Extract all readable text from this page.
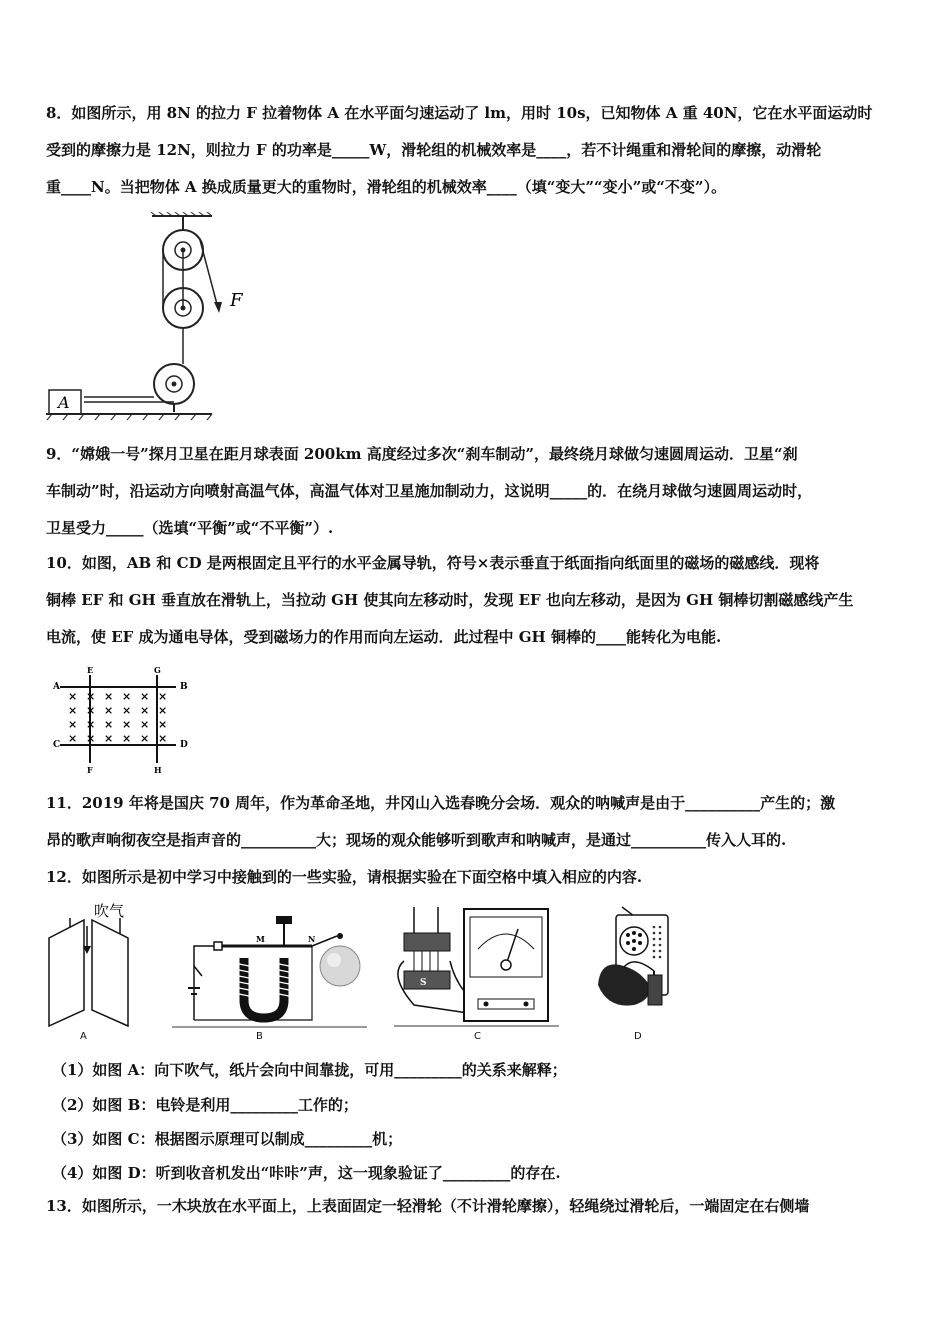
8．如图所示，用 8N 的拉力 F 拉着物体 A 在水平面匀速运动了 lm，用时 10s，已知物体 A 重 40N，它在水平面运动时
受到的摩擦力是 12N，则拉力 F 的功率是_____W，滑轮组的机械效率是____，若不计绳重和滑轮间的摩擦，动滑轮
重____N。当把物体 A 换成质量更大的重物时，滑轮组的机械效率____（填“变大”“变小”或“不变”）。
F
A
9．“嫦娥一号”探月卫星在距月球表面 200km 高度经过多次“刹车制动”，最终绕月球做匀速圆周运动．卫星“刹
车制动”时，沿运动方向喷射高温气体，高温气体对卫星施加制动力，这说明_____的．在绕月球做匀速圆周运动时，
卫星受力_____（选填“平衡”或“不平衡”）.
10．如图，AB 和 CD 是两根固定且平行的水平金属导轨，符号×表示垂直于纸面指向纸面里的磁场的磁感线．现将
铜棒 EF 和 GH 垂直放在滑轨上，当拉动 GH 使其向左移动时，发现 EF 也向左移动，是因为 GH 铜棒切割磁感线产生
电流，使 EF 成为通电导体，受到磁场力的作用而向左运动．此过程中 GH 铜棒的____能转化为电能.
× × × × × ×
× × × × × ×
× × × × × ×
× × × × × ×
A	B
C	D
E
F
G
H
11．2019 年将是国庆 70 周年，作为革命圣地，井冈山入选春晚分会场．观众的呐喊声是由于__________产生的；激
昂的歌声响彻夜空是指声音的__________大；现场的观众能够听到歌声和呐喊声，是通过__________传入人耳的.
12．如图所示是初中学习中接触到的一些实验，请根据实验在下面空格中填入相应的内容.
吹气
A
M	N
B
S
C	D
（1）如图 A：向下吹气，纸片会向中间靠拢，可用_________的关系来解释；
（2）如图 B：电铃是利用_________工作的；
（3）如图 C：根据图示原理可以制成_________机；
（4）如图 D：听到收音机发出“咔咔”声，这一现象验证了_________的存在.
13．如图所示，一木块放在水平面上，上表面固定一轻滑轮（不计滑轮摩擦），轻绳绕过滑轮后，一端固定在右侧墙
